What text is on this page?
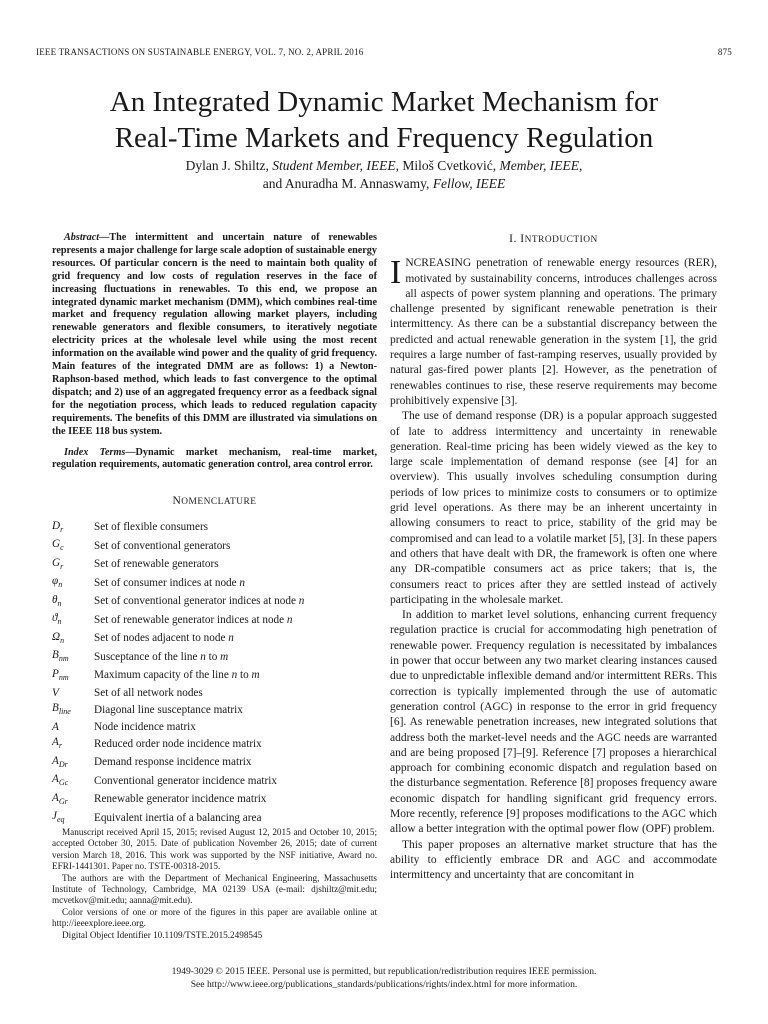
IEEE TRANSACTIONS ON SUSTAINABLE ENERGY, VOL. 7, NO. 2, APRIL 2016	875
An Integrated Dynamic Market Mechanism for
Real-Time Markets and Frequency Regulation
Dylan J. Shiltz, Student Member, IEEE, Miloš Cvetković, Member, IEEE,
and Anuradha M. Annaswamy, Fellow, IEEE

Abstract—The intermittent and uncertain nature of renewables represents a major challenge for large scale adoption of sustainable energy resources. Of particular concern is the need to maintain both quality of grid frequency and low costs of regulation reserves in the face of increasing fluctuations in renewables. To this end, we propose an integrated dynamic market mechanism (DMM), which combines real-time market and frequency regulation allowing market players, including renewable generators and flexible consumers, to iteratively negotiate electricity prices at the wholesale level while using the most recent information on the available wind power and the quality of grid frequency. Main features of the integrated DMM are as follows: 1) a Newton-Raphson-based method, which leads to fast convergence to the optimal dispatch; and 2) use of an aggregated frequency error as a feedback signal for the negotiation process, which leads to reduced regulation capacity requirements. The benefits of this DMM are illustrated via simulations on the IEEE 118 bus system.

Index Terms—Dynamic market mechanism, real-time market, regulation requirements, automatic generation control, area control error.

NOMENCLATURE

$D_r$	Set of flexible consumers
$G_c$	Set of conventional generators
$G_r$	Set of renewable generators
$\varphi_n$	Set of consumer indices at node n
$\theta_n$	Set of conventional generator indices at node n
$ϑ_n$	Set of renewable generator indices at node n
$\Omega_n$	Set of nodes adjacent to node n
$B_{nm}$	Susceptance of the line n to m
$P_{nm}$	Maximum capacity of the line n to m
V	Set of all network nodes
$B_{line}$	Diagonal line susceptance matrix
A	Node incidence matrix
$A_r$	Reduced order node incidence matrix
$A_{Dr}$	Demand response incidence matrix
$A_{Gc}$	Conventional generator incidence matrix
$A_{Gr}$	Renewable generator incidence matrix
$J_{eq}$	Equivalent inertia of a balancing area

Manuscript received April 15, 2015; revised August 12, 2015 and October 10, 2015; accepted October 30, 2015. Date of publication November 26, 2015; date of current version March 18, 2016. This work was supported by the NSF initiative, Award no. EFRI-1441301. Paper no. TSTE-00318-2015.

The authors are with the Department of Mechanical Engineering, Massachusetts Institute of Technology, Cambridge, MA 02139 USA (e-mail: djshiltz@mit.edu; mcvetkov@mit.edu; aanna@mit.edu).

Color versions of one or more of the figures in this paper are available online at http://ieeexplore.ieee.org.

Digital Object Identifier 10.1109/TSTE.2015.2498545

I. INTRODUCTION

INCREASING penetration of renewable energy resources (RER), motivated by sustainability concerns, introduces challenges across all aspects of power system planning and operations. The primary challenge presented by significant renewable penetration is their intermittency. As there can be a substantial discrepancy between the predicted and actual renewable generation in the system [1], the grid requires a large number of fast-ramping reserves, usually provided by natural gas-fired power plants [2]. However, as the penetration of renewables continues to rise, these reserve requirements may become prohibitively expensive [3].

The use of demand response (DR) is a popular approach suggested of late to address intermittency and uncertainty in renewable generation. Real-time pricing has been widely viewed as the key to large scale implementation of demand response (see [4] for an overview). This usually involves scheduling consumption during periods of low prices to minimize costs to consumers or to optimize grid level operations. As there may be an inherent uncertainty in allowing consumers to react to price, stability of the grid may be compromised and can lead to a volatile market [5], [3]. In these papers and others that have dealt with DR, the framework is often one where any DR-compatible consumers act as price takers; that is, the consumers react to prices after they are settled instead of actively participating in the wholesale market.

In addition to market level solutions, enhancing current frequency regulation practice is crucial for accommodating high penetration of renewable power. Frequency regulation is necessitated by imbalances in power that occur between any two market clearing instances caused due to unpredictable inflexible demand and/or intermittent RERs. This correction is typically implemented through the use of automatic generation control (AGC) in response to the error in grid frequency [6]. As renewable penetration increases, new integrated solutions that address both the market-level needs and the AGC needs are warranted and are being proposed [7]–[9]. Reference [7] proposes a hierarchical approach for combining economic dispatch and regulation based on the disturbance segmentation. Reference [8] proposes frequency aware economic dispatch for handling significant grid frequency errors. More recently, reference [9] proposes modifications to the AGC which allow a better integration with the optimal power flow (OPF) problem.

This paper proposes an alternative market structure that has the ability to efficiently embrace DR and AGC and accommodate intermittency and uncertainty that are concomitant in

1949-3029 © 2015 IEEE. Personal use is permitted, but republication/redistribution requires IEEE permission.
See http://www.ieee.org/publications_standards/publications/rights/index.html for more information.
